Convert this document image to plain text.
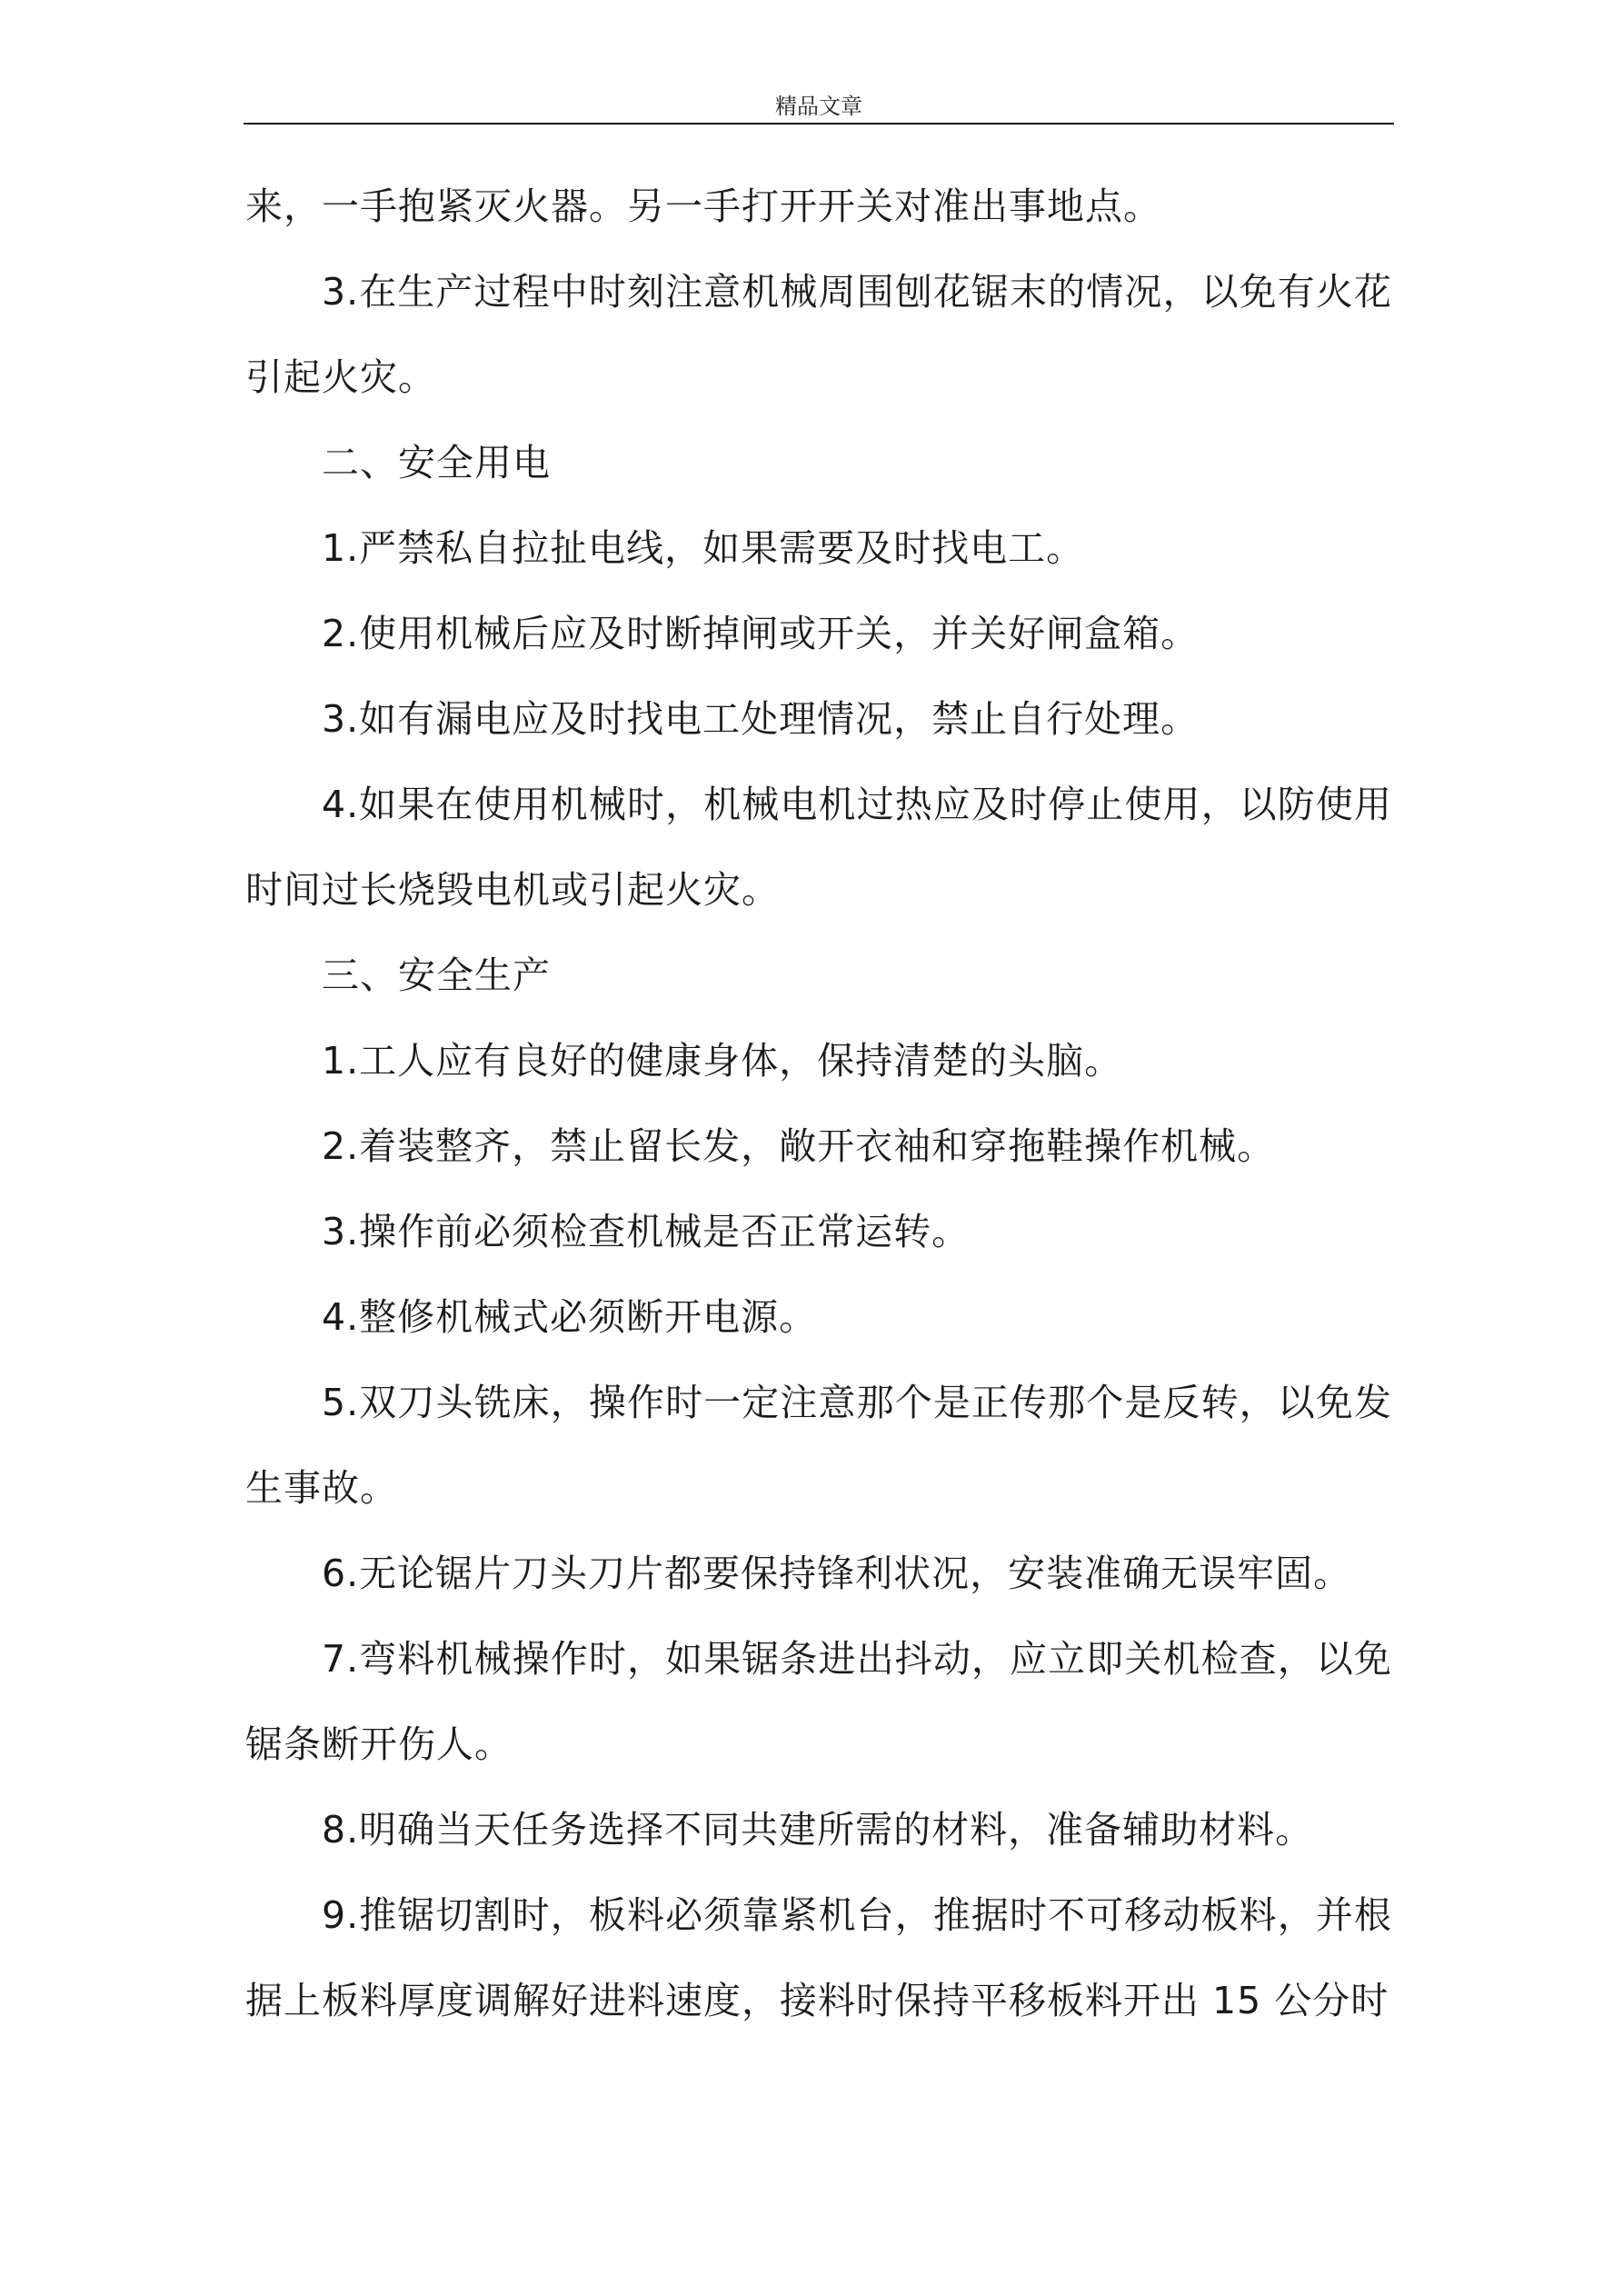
精品文章

来，一手抱紧灭火器。另一手打开开关对准出事地点。

3.在生产过程中时刻注意机械周围刨花锯末的情况，以免有火花引起火灾。

二、安全用电

1.严禁私自拉扯电线，如果需要及时找电工。

2.使用机械后应及时断掉闸或开关，并关好闸盒箱。

3.如有漏电应及时找电工处理情况，禁止自行处理。

4.如果在使用机械时，机械电机过热应及时停止使用，以防使用时间过长烧毁电机或引起火灾。

三、安全生产

1.工人应有良好的健康身体，保持清楚的头脑。

2.着装整齐，禁止留长发，敞开衣袖和穿拖鞋操作机械。

3.操作前必须检查机械是否正常运转。

4.整修机械式必须断开电源。

5.双刀头铣床，操作时一定注意那个是正传那个是反转，以免发生事故。

6.无论锯片刀头刀片都要保持锋利状况，安装准确无误牢固。

7.弯料机械操作时，如果锯条进出抖动，应立即关机检查，以免锯条断开伤人。

8.明确当天任务选择不同共建所需的材料，准备辅助材料。

9.推锯切割时，板料必须靠紧机台，推据时不可移动板料，并根据上板料厚度调解好进料速度，接料时保持平移板料开出 15 公分时
